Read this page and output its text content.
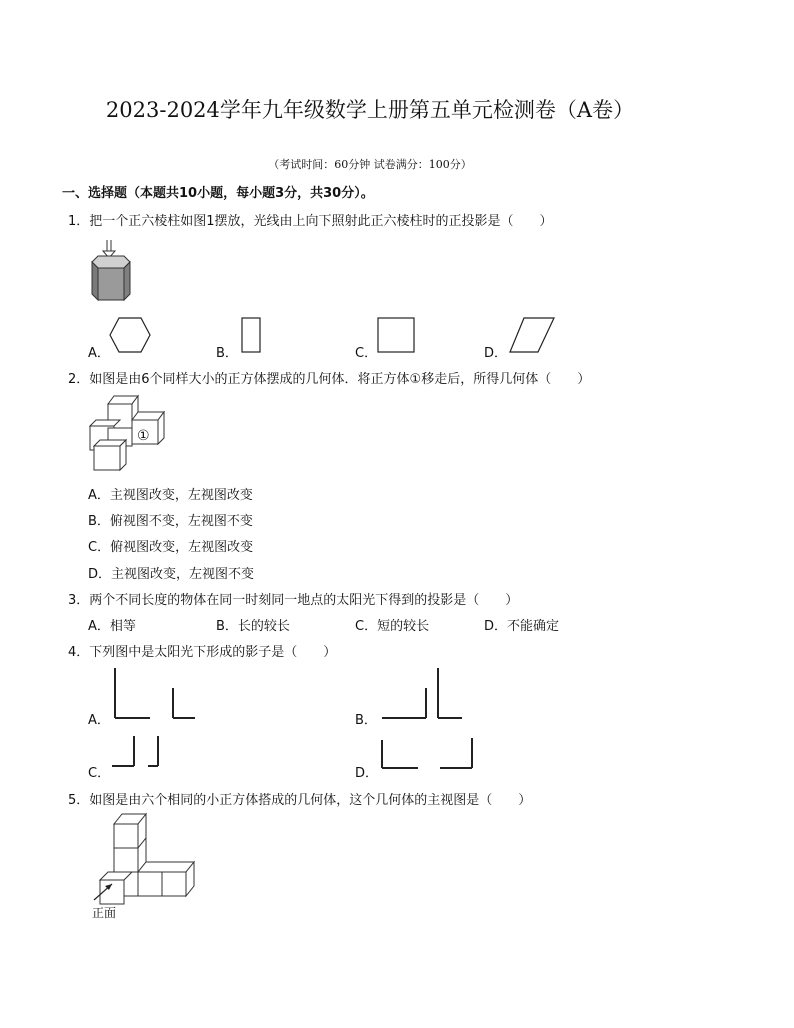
2023-2024学年九年级数学上册第五单元检测卷（A卷）
（考试时间：60分钟 试卷满分：100分）
一、选择题（本题共10小题，每小题3分，共30分）。
1．把一个正六棱柱如图1摆放，光线由上向下照射此正六棱柱时的正投影是（　　）
A．	B．	C．	D．
2．如图是由6个同样大小的正方体摆成的几何体．将正方体①移走后，所得几何体（　　）
①
A．主视图改变，左视图改变
B．俯视图不变，左视图不变
C．俯视图改变，左视图改变
D．主视图改变，左视图不变
3．两个不同长度的物体在同一时刻同一地点的太阳光下得到的投影是（　　）
A．相等	B．长的较长	C．短的较长	D．不能确定
4．下列图中是太阳光下形成的影子是（　　）
A．	B．
C．	D．
5．如图是由六个相同的小正方体搭成的几何体，这个几何体的主视图是（　　）
正面
